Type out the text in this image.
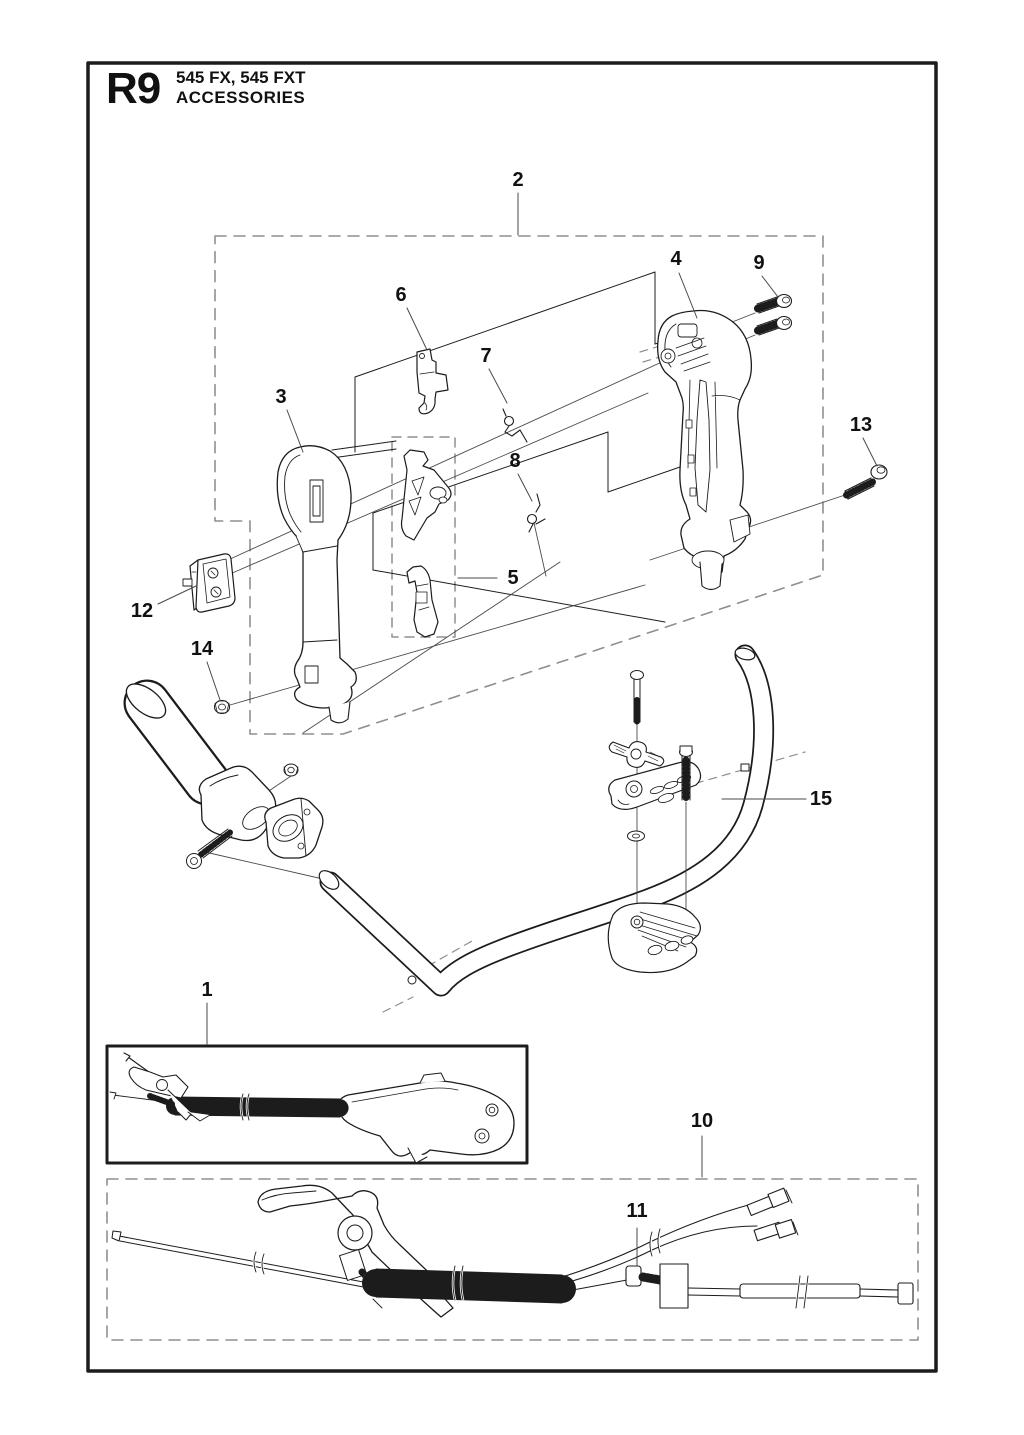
R9 545 FX, 545 FXT
ACCESSORIES
1
2
3
4
5
6
7
8
9
10
11
12
13
14
15
